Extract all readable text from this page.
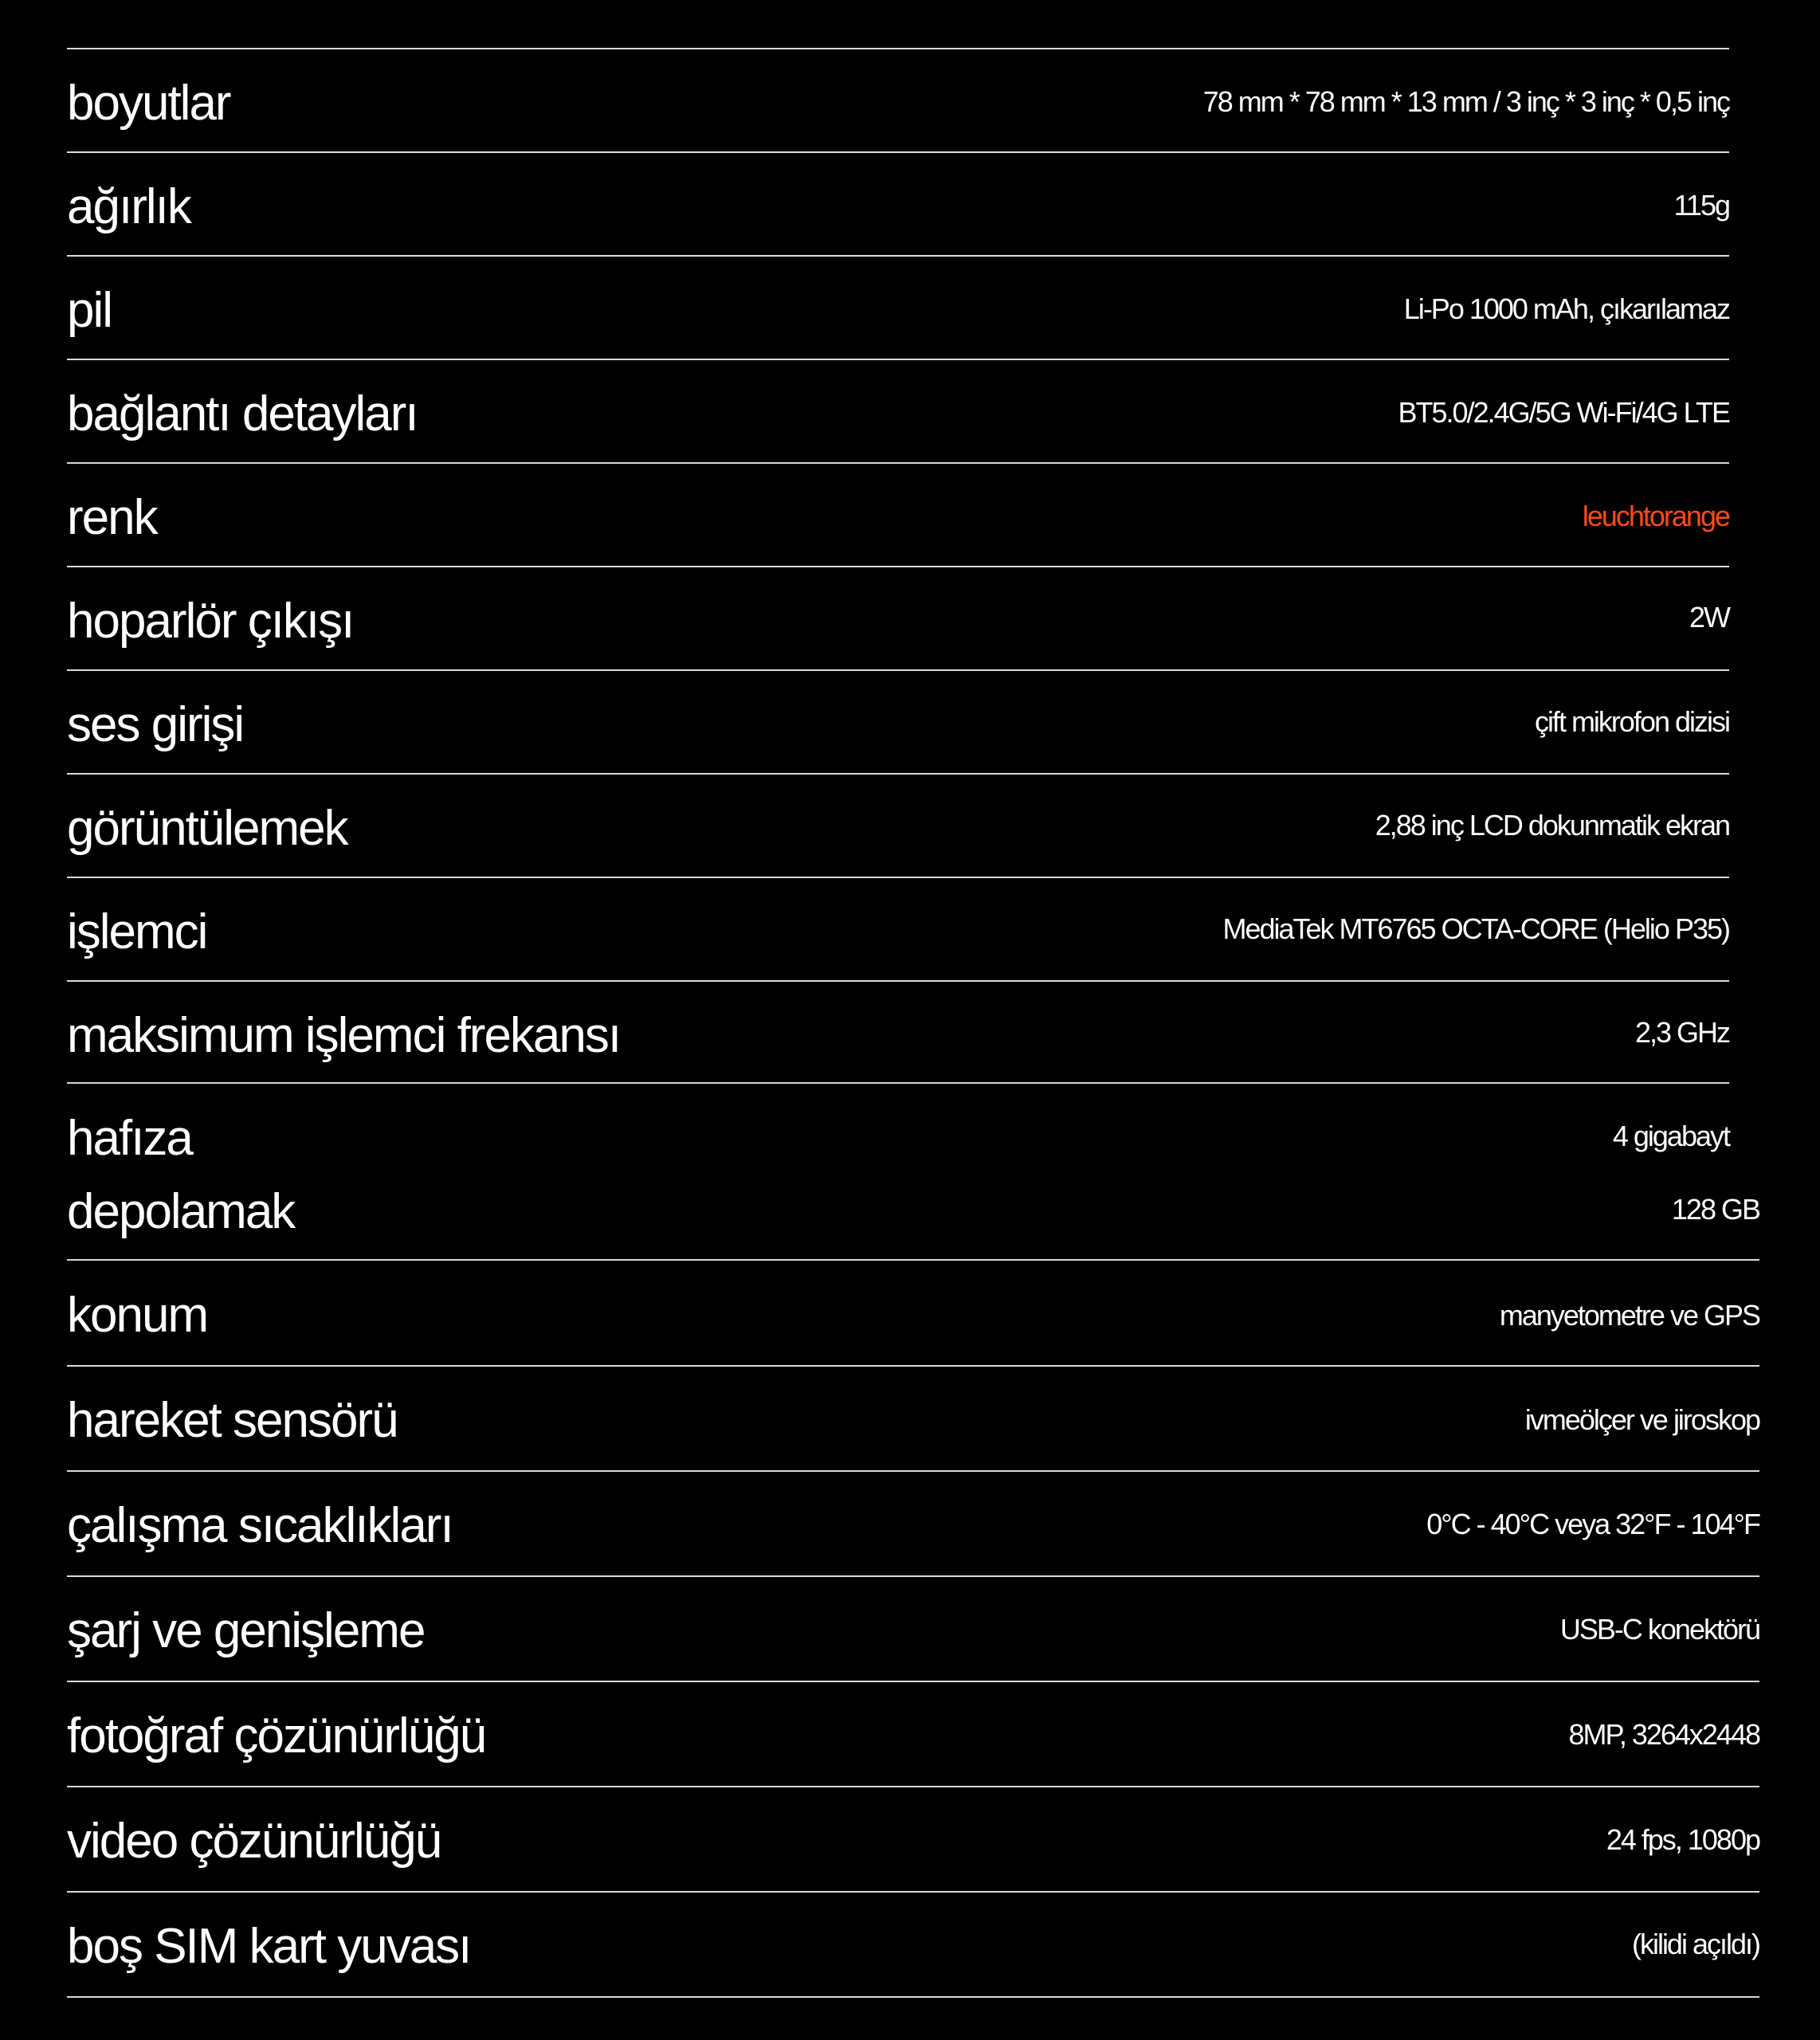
boyutlar	78 mm * 78 mm * 13 mm / 3 inç * 3 inç * 0,5 inç
ağırlık	115g
pil	Li-Po 1000 mAh, çıkarılamaz
bağlantı detayları	BT5.0/2.4G/5G Wi-Fi/4G LTE
renk	leuchtorange
hoparlör çıkışı	2W
ses girişi	çift mikrofon dizisi
görüntülemek	2,88 inç LCD dokunmatik ekran
işlemci	MediaTek MT6765 OCTA-CORE (Helio P35)
maksimum işlemci frekansı	2,3 GHz
hafıza	4 gigabayt
depolamak	128 GB
konum	manyetometre ve GPS
hareket sensörü	ivmeölçer ve jiroskop
çalışma sıcaklıkları	0°C - 40°C veya 32°F - 104°F
şarj ve genişleme	USB-C konektörü
fotoğraf çözünürlüğü	8MP, 3264x2448
video çözünürlüğü	24 fps, 1080p
boş SIM kart yuvası	(kilidi açıldı)
